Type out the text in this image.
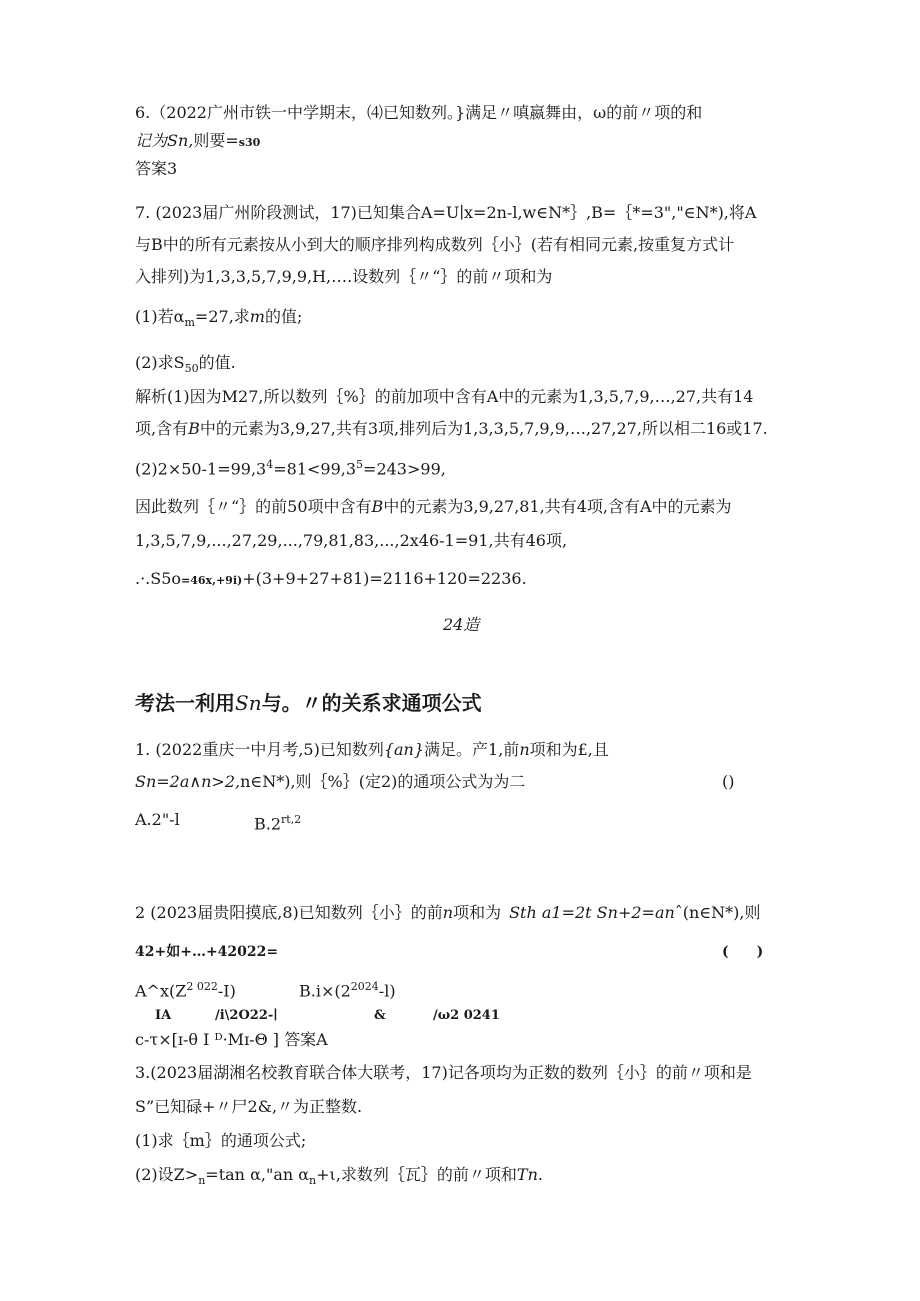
6.（2022广州市铁一中学期末，⑷已知数列。}满足〃嗔嬴舞由，ω的前〃项的和
记为Sn,则要=s30
答案3
7. (2023届广州阶段测试，17)已知集合A=U∣x=2n-l,w∈N*｝,B=｛*=3","∈N*),将A
与B中的所有元素按从小到大的顺序排列构成数列｛小｝(若有相同元素,按重复方式计
入排列)为1,3,3,5,7,9,9,H,….设数列｛〃“｝的前〃项和为
(1)若$\alpha_m=27$,求m的值;
(2)求$S_{50}$的值.
解析(1)因为M27,所以数列｛%｝的前加项中含有A中的元素为1,3,5,7,9,…,27,共有14
项,含有B中的元素为3,9,27,共有3项,排列后为1,3,3,5,7,9,9,…,27,27,所以相二16或17.
$(2)2\times 50-1=99,3^4=81<99,3^5=243>99$,
因此数列｛〃“｝的前50项中含有B中的元素为3,9,27,81,共有4项,含有A中的元素为
1,3,5,7,9,...,27,29,...,79,81,83,...,2x46-1=91,共有46项,
.·.S5o=46x,+9i)+(3+9+27+81)=2116+120=2236.
24造
考法一利用Sn与。〃的关系求通项公式
1. (2022重庆一中月考,5)已知数列{an}满足。产1,前n项和为£,且
Sn=2a∧n>2,n∈N*),则｛%｝(定2)的通项公式为为二	()
A.2"-l	$B.2^{rt,2}$
2 (2023届贵阳摸底,8)已知数列｛小｝的前n项和为 Sth a1=2t Sn+2=anˆ(n∈N*),则
42+如+…+42022=	(　　)
$A\^{}x(Z^{2 022}-I)$	$B.i\times(2^{2024}-l)$
IA	/i\2O22-∣	&	/ω2 0241
c-τ×[ɪ-θ I ᴰ·Mɪ-Θ ] 答案A
3.(2023届湖湘名校教育联合体大联考，17)记各项均为正数的数列｛小｝的前〃项和是
S”已知碌+〃尸2&,〃为正整数.
(1)求｛m｝的通项公式;
(2)设$Z>_n=\tan$ α,"an $\alpha_n+\iota$,求数列｛瓦｝的前〃项和Tn.
